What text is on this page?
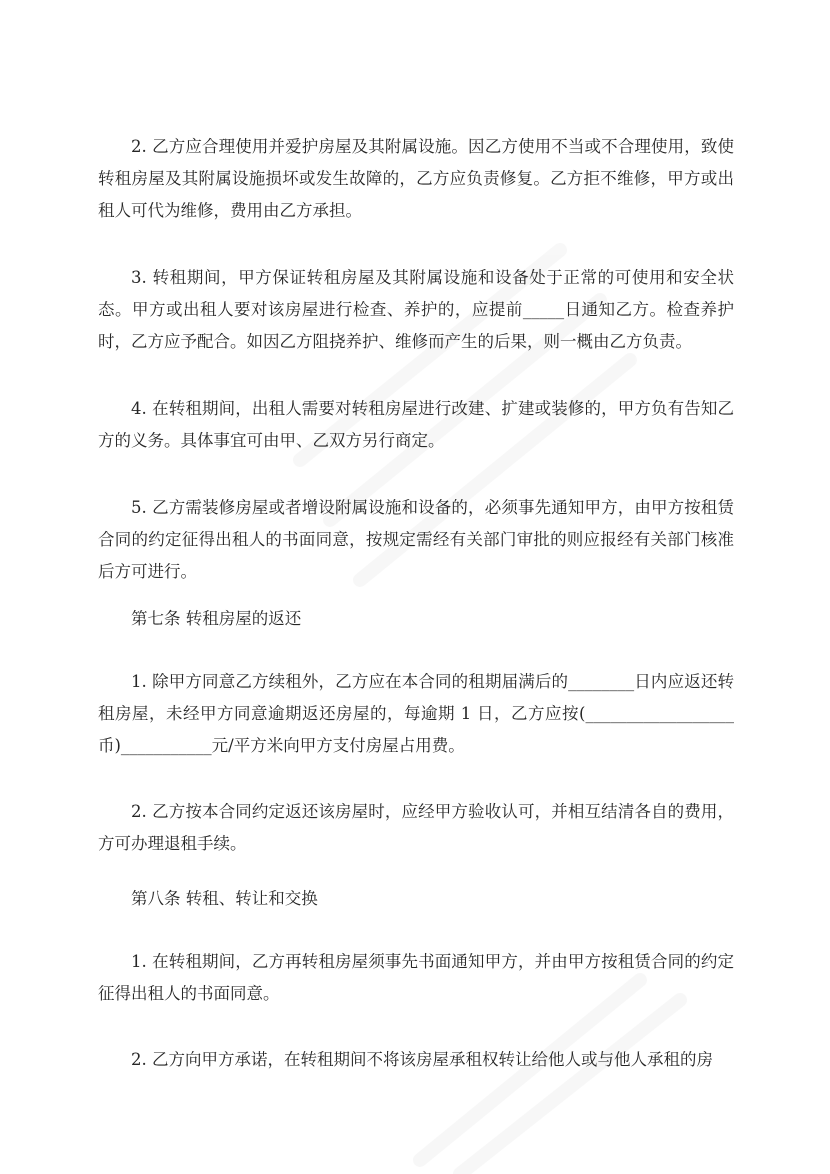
2. 乙方应合理使用并爱护房屋及其附属设施。因乙方使用不当或不合理使用，致使转租房屋及其附属设施损坏或发生故障的，乙方应负责修复。乙方拒不维修，甲方或出租人可代为维修，费用由乙方承担。

3. 转租期间，甲方保证转租房屋及其附属设施和设备处于正常的可使用和安全状态。甲方或出租人要对该房屋进行检查、养护的，应提前_____日通知乙方。检查养护时，乙方应予配合。如因乙方阻挠养护、维修而产生的后果，则一概由乙方负责。

4. 在转租期间，出租人需要对转租房屋进行改建、扩建或装修的，甲方负有告知乙方的义务。具体事宜可由甲、乙双方另行商定。

5. 乙方需装修房屋或者增设附属设施和设备的，必须事先通知甲方，由甲方按租赁合同的约定征得出租人的书面同意，按规定需经有关部门审批的则应报经有关部门核准后方可进行。

第七条 转租房屋的返还

1. 除甲方同意乙方续租外，乙方应在本合同的租期届满后的________日内应返还转租房屋，未经甲方同意逾期返还房屋的，每逾期 1 日，乙方应按(__________________币)___________元/平方米向甲方支付房屋占用费。

2. 乙方按本合同约定返还该房屋时，应经甲方验收认可，并相互结清各自的费用，方可办理退租手续。

第八条 转租、转让和交换

1. 在转租期间，乙方再转租房屋须事先书面通知甲方，并由甲方按租赁合同的约定征得出租人的书面同意。

2. 乙方向甲方承诺，在转租期间不将该房屋承租权转让给他人或与他人承租的房
